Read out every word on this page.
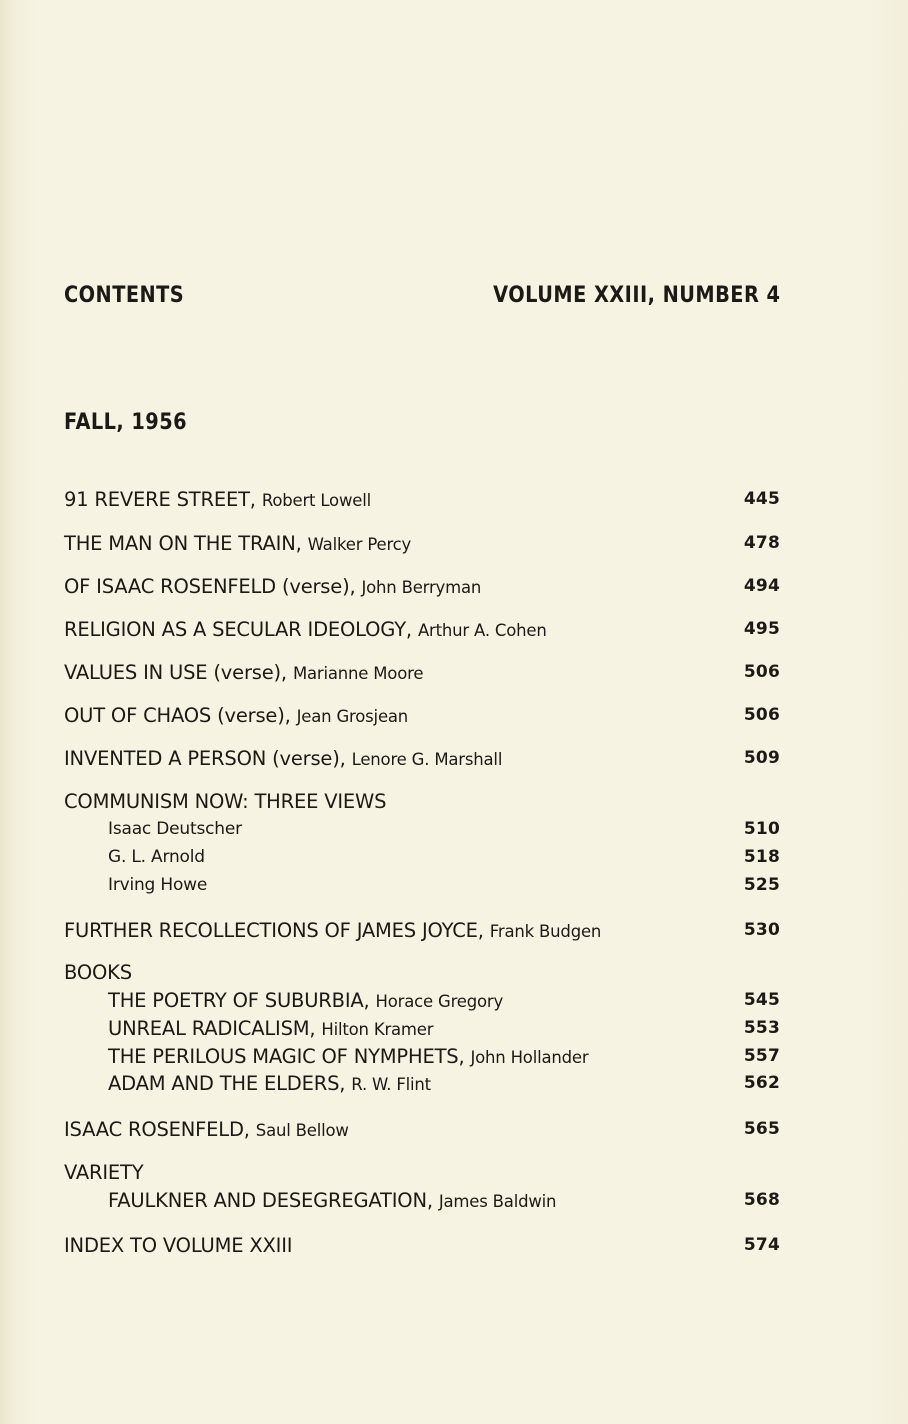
CONTENTS	VOLUME XXIII, NUMBER 4
FALL, 1956
91 REVERE STREET, Robert Lowell	445
THE MAN ON THE TRAIN, Walker Percy	478
OF ISAAC ROSENFELD (verse), John Berryman	494
RELIGION AS A SECULAR IDEOLOGY, Arthur A. Cohen	495
VALUES IN USE (verse), Marianne Moore	506
OUT OF CHAOS (verse), Jean Grosjean	506
INVENTED A PERSON (verse), Lenore G. Marshall	509
COMMUNISM NOW: THREE VIEWS
Isaac Deutscher	510
G. L. Arnold	518
Irving Howe	525
FURTHER RECOLLECTIONS OF JAMES JOYCE, Frank Budgen	530
BOOKS
THE POETRY OF SUBURBIA, Horace Gregory	545
UNREAL RADICALISM, Hilton Kramer	553
THE PERILOUS MAGIC OF NYMPHETS, John Hollander	557
ADAM AND THE ELDERS, R. W. Flint	562
ISAAC ROSENFELD, Saul Bellow	565
VARIETY
FAULKNER AND DESEGREGATION, James Baldwin	568
INDEX TO VOLUME XXIII	574
